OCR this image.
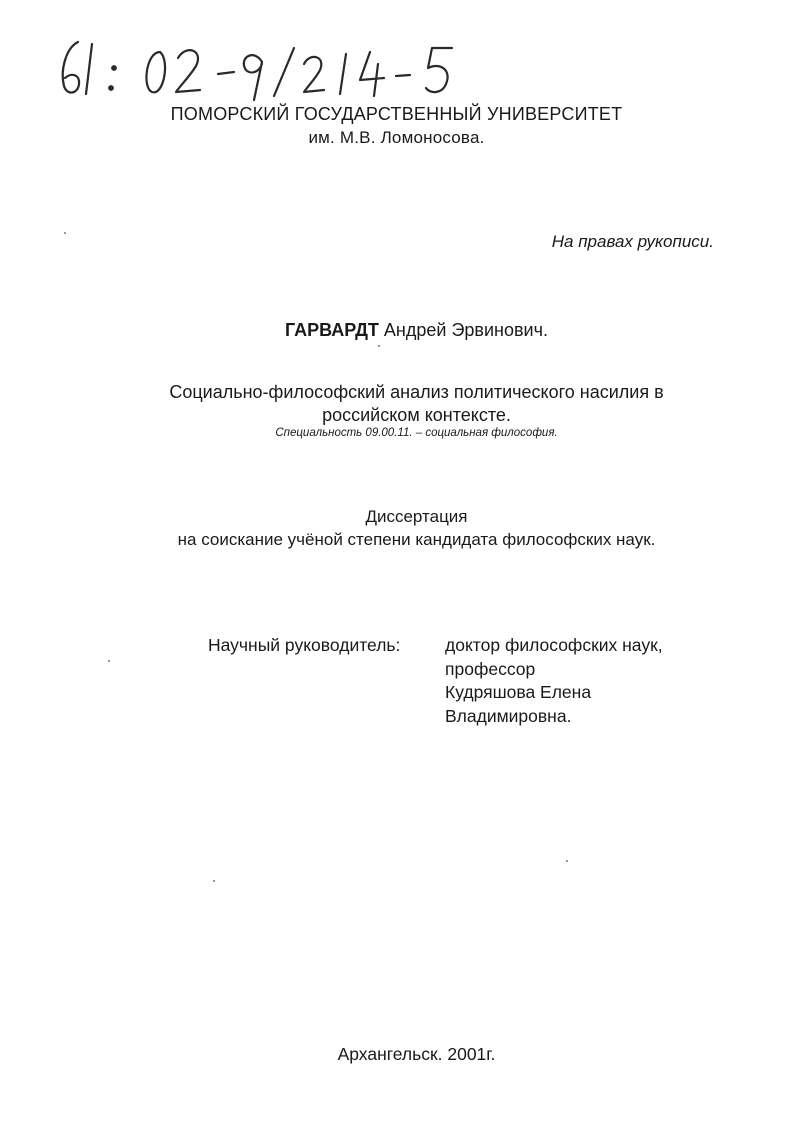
ПОМОРСКИЙ ГОСУДАРСТВЕННЫЙ УНИВЕРСИТЕТ
им. М.В. Ломоносова.
На правах рукописи.
ГАРВАРДТ Андрей Эрвинович.
Социально-философский анализ политического насилия в
российском контексте.
Специальность 09.00.11. – социальная философия.
Диссертация
на соискание учёной степени кандидата философских наук.
Научный руководитель:	доктор философских наук,
профессор
Кудряшова Елена
Владимировна.
Архангельск. 2001г.
